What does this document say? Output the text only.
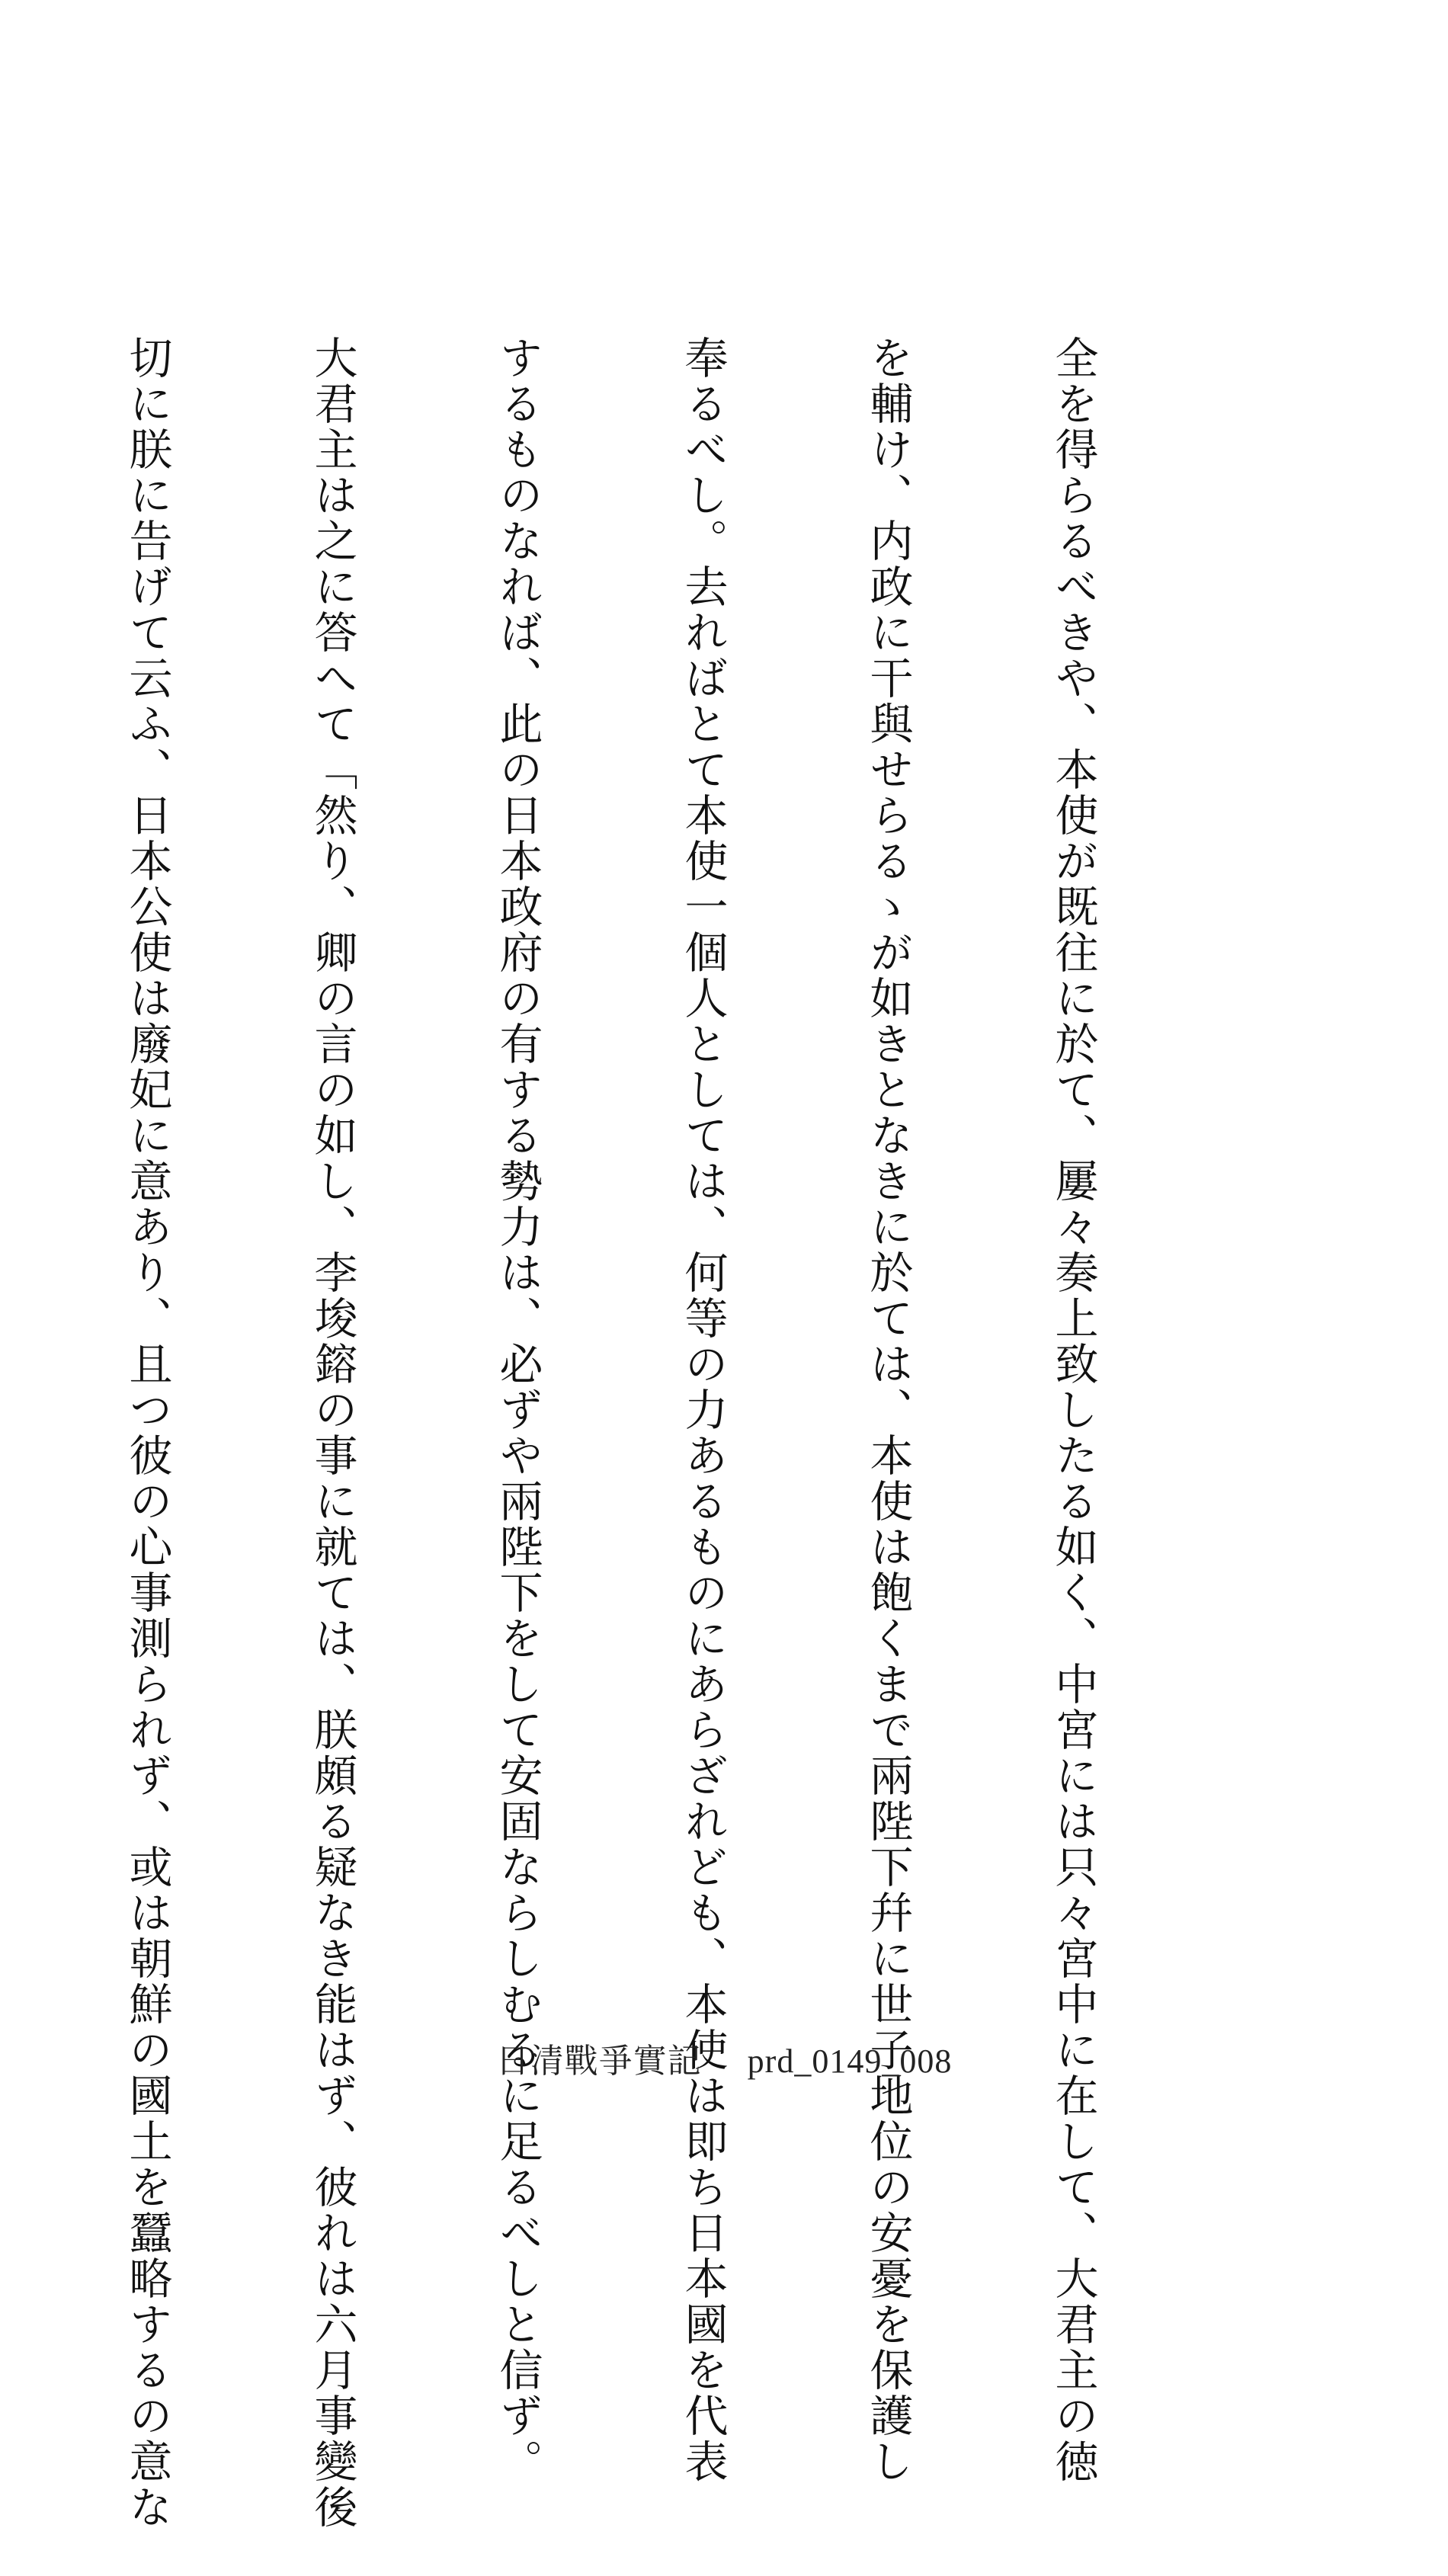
全を得らるべきや、本使が既往に於て、屢々奏上致したる如く、中宮には只々宮中に在して、大君主の徳

を輔け、内政に干與せらるゝが如きとなきに於ては、本使は飽くまで兩陛下幷に世子地位の安憂を保護し

奉るべし。去ればとて本使一個人としては、何等の力あるものにあらざれども、本使は即ち日本國を代表

するものなれば、此の日本政府の有する勢力は、必ずや兩陛下をして安固ならしむるに足るべしと信ず。

大君主は之に答へて「然り、卿の言の如し、李埈鎔の事に就ては、朕頗る疑なき能はず、彼れは六月事變後

切に朕に告げて云ふ、日本公使は廢妃に意あり、且つ彼の心事測られず、或は朝鮮の國土を蠶略するの意な

	日清戰爭實記 prd_0149_008
